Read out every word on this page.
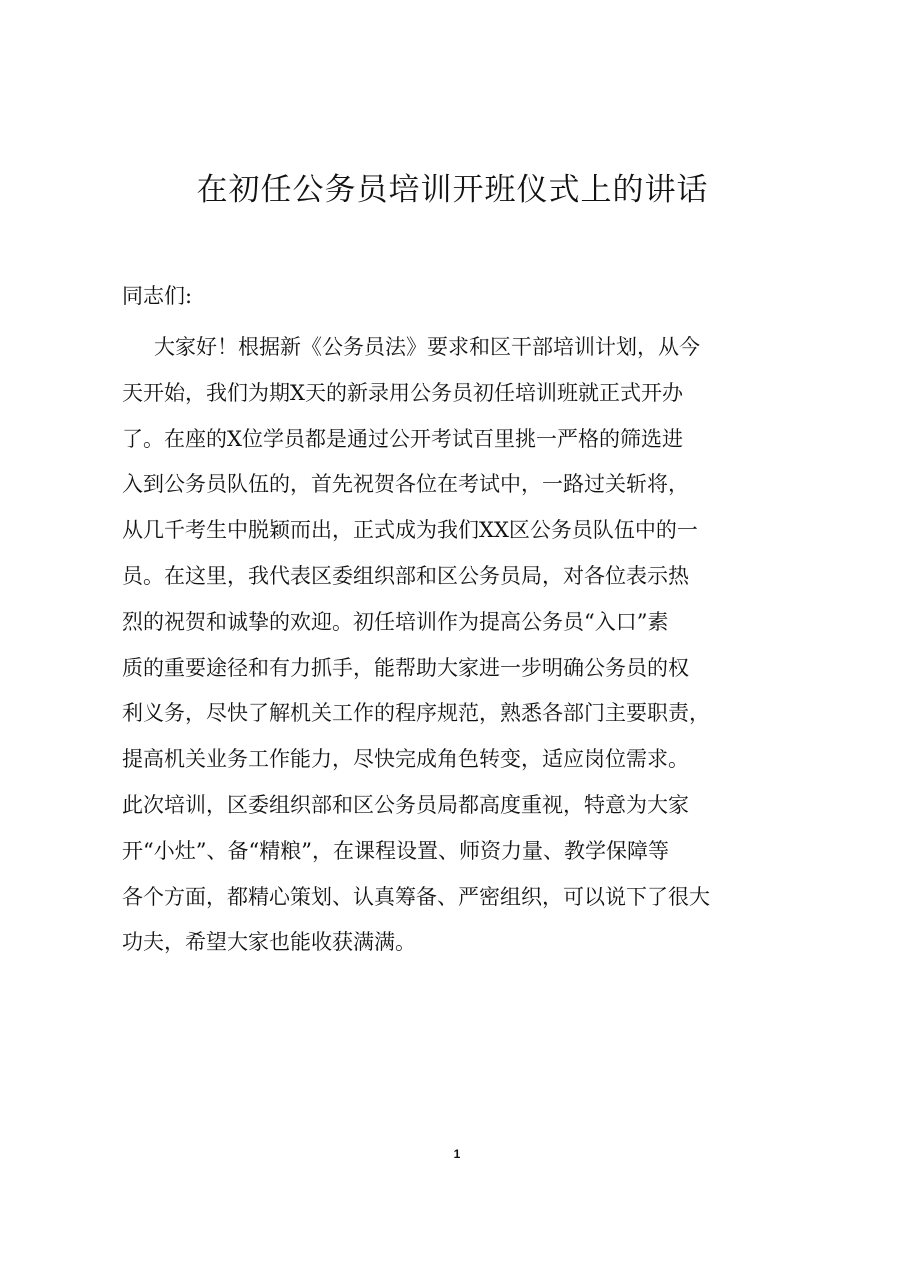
在初任公务员培训开班仪式上的讲话
同志们:
大家好！根据新《公务员法》要求和区干部培训计划，从今
天开始，我们为期X天的新录用公务员初任培训班就正式开办
了。在座的X位学员都是通过公开考试百里挑一严格的筛选进
入到公务员队伍的，首先祝贺各位在考试中，一路过关斩将，
从几千考生中脱颖而出，正式成为我们XX区公务员队伍中的一
员。在这里，我代表区委组织部和区公务员局，对各位表示热
烈的祝贺和诚挚的欢迎。初任培训作为提高公务员“入口”素
质的重要途径和有力抓手，能帮助大家进一步明确公务员的权
利义务，尽快了解机关工作的程序规范，熟悉各部门主要职责，
提高机关业务工作能力，尽快完成角色转变，适应岗位需求。
此次培训，区委组织部和区公务员局都高度重视，特意为大家
开“小灶”、备“精粮”，在课程设置、师资力量、教学保障等
各个方面，都精心策划、认真筹备、严密组织，可以说下了很大
功夫，希望大家也能收获满满。
1
